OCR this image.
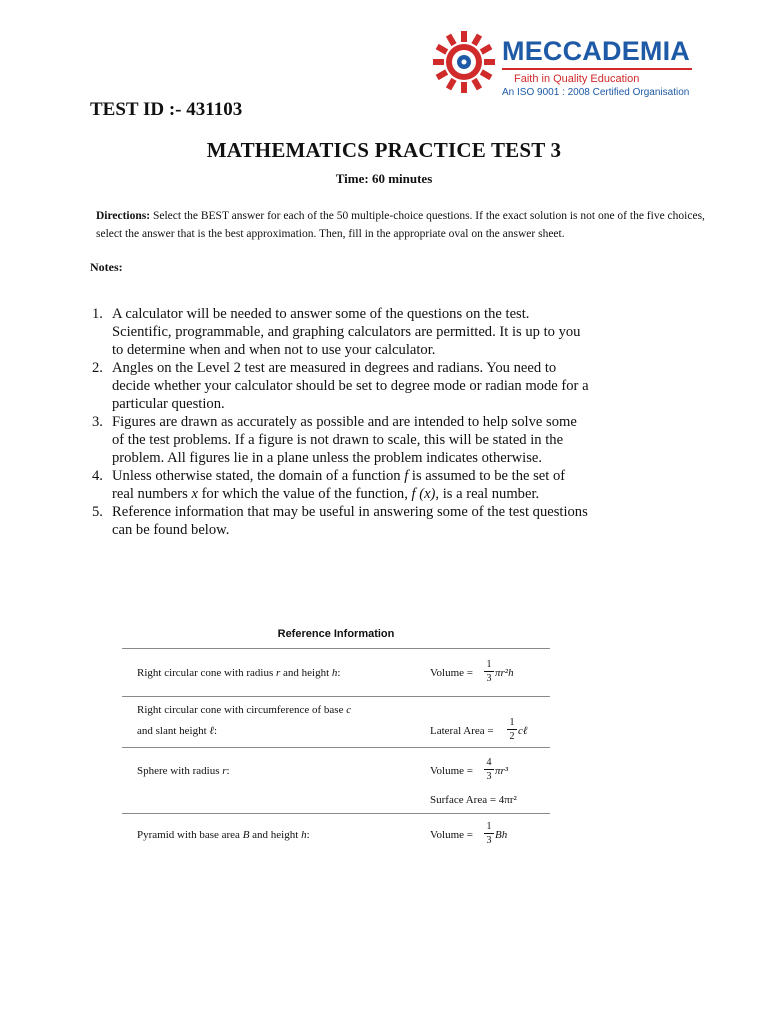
MECCADEMIA
Faith in Quality Education
An ISO 9001 : 2008 Certified Organisation
TEST ID :- 431103
MATHEMATICS PRACTICE TEST 3
Time: 60 minutes
Directions: Select the BEST answer for each of the 50 multiple-choice questions. If the exact solution is not one of the five choices, select the answer that is the best approximation. Then, fill in the appropriate oval on the answer sheet.
Notes:
1. A calculator will be needed to answer some of the questions on the test. Scientific, programmable, and graphing calculators are permitted. It is up to you to determine when and when not to use your calculator.
2. Angles on the Level 2 test are measured in degrees and radians. You need to decide whether your calculator should be set to degree mode or radian mode for a particular question.
3. Figures are drawn as accurately as possible and are intended to help solve some of the test problems. If a figure is not drawn to scale, this will be stated in the problem. All figures lie in a plane unless the problem indicates otherwise.
4. Unless otherwise stated, the domain of a function f is assumed to be the set of real numbers x for which the value of the function, f (x), is a real number.
5. Reference information that may be useful in answering some of the test questions can be found below.
Reference Information
Right circular cone with radius r and height h:	Volume =
1
3 πr²h
Right circular cone with circumference of base c
and slant height ℓ:	Lateral Area =
1
2 cℓ
Sphere with radius r:	Volume =
4
3 πr³
Surface Area = 4πr²
Pyramid with base area B and height h:	Volume =
1
3 Bh
